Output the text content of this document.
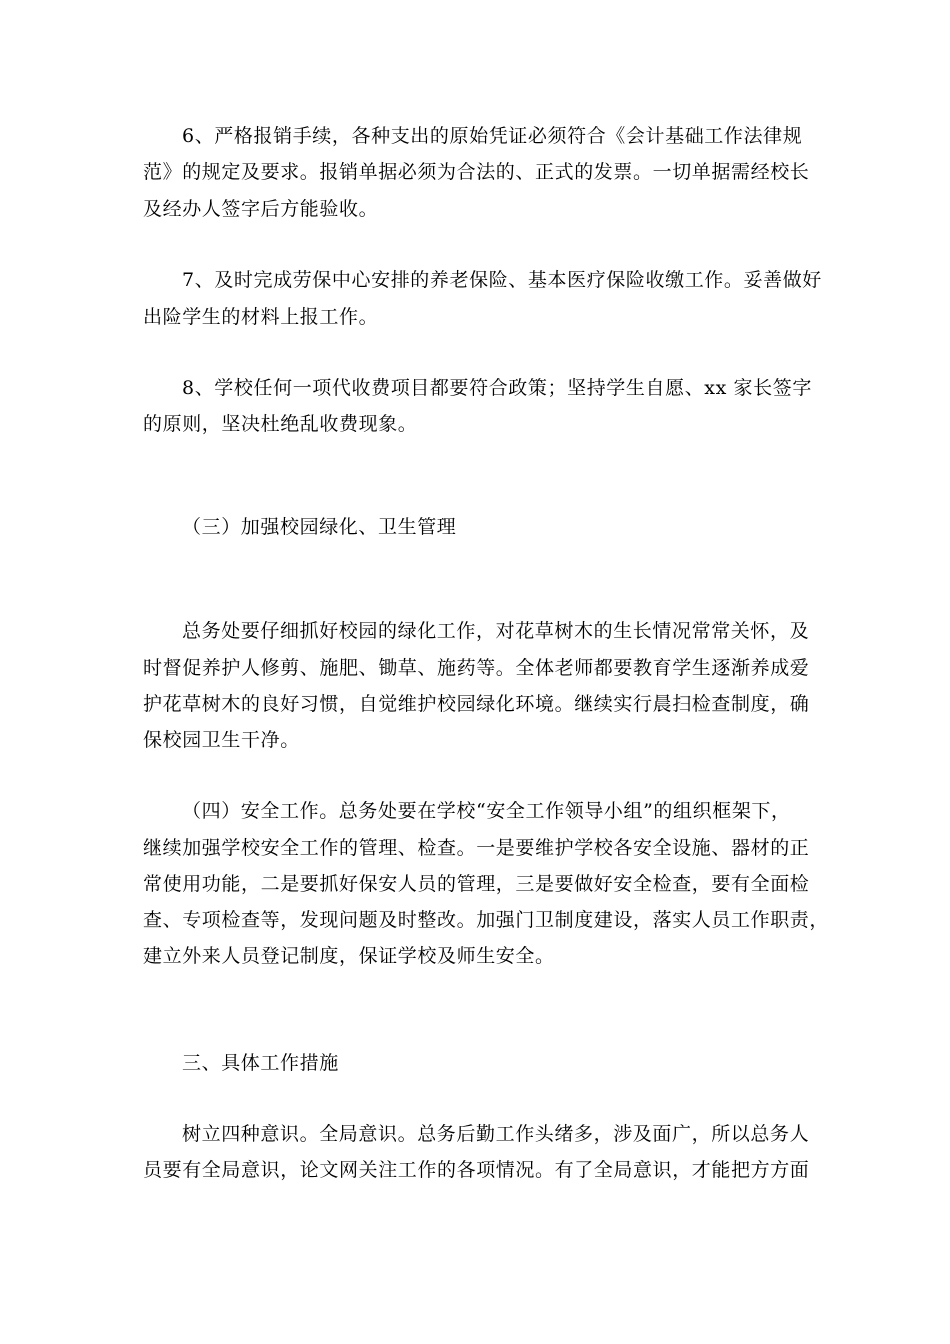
6、严格报销手续，各种支出的原始凭证必须符合《会计基础工作法律规
范》的规定及要求。报销单据必须为合法的、正式的发票。一切单据需经校长
及经办人签字后方能验收。
7、及时完成劳保中心安排的养老保险、基本医疗保险收缴工作。妥善做好
出险学生的材料上报工作。
8、学校任何一项代收费项目都要符合政策；坚持学生自愿、xx 家长签字
的原则，坚决杜绝乱收费现象。
（三）加强校园绿化、卫生管理
总务处要仔细抓好校园的绿化工作，对花草树木的生长情况常常关怀，及
时督促养护人修剪、施肥、锄草、施药等。全体老师都要教育学生逐渐养成爱
护花草树木的良好习惯，自觉维护校园绿化环境。继续实行晨扫检查制度，确
保校园卫生干净。
（四）安全工作。总务处要在学校“安全工作领导小组”的组织框架下，
继续加强学校安全工作的管理、检查。一是要维护学校各安全设施、器材的正
常使用功能，二是要抓好保安人员的管理，三是要做好安全检查，要有全面检
查、专项检查等，发现问题及时整改。加强门卫制度建设，落实人员工作职责，
建立外来人员登记制度，保证学校及师生安全。
三、具体工作措施
树立四种意识。全局意识。总务后勤工作头绪多，涉及面广，所以总务人
员要有全局意识，论文网关注工作的各项情况。有了全局意识，才能把方方面
